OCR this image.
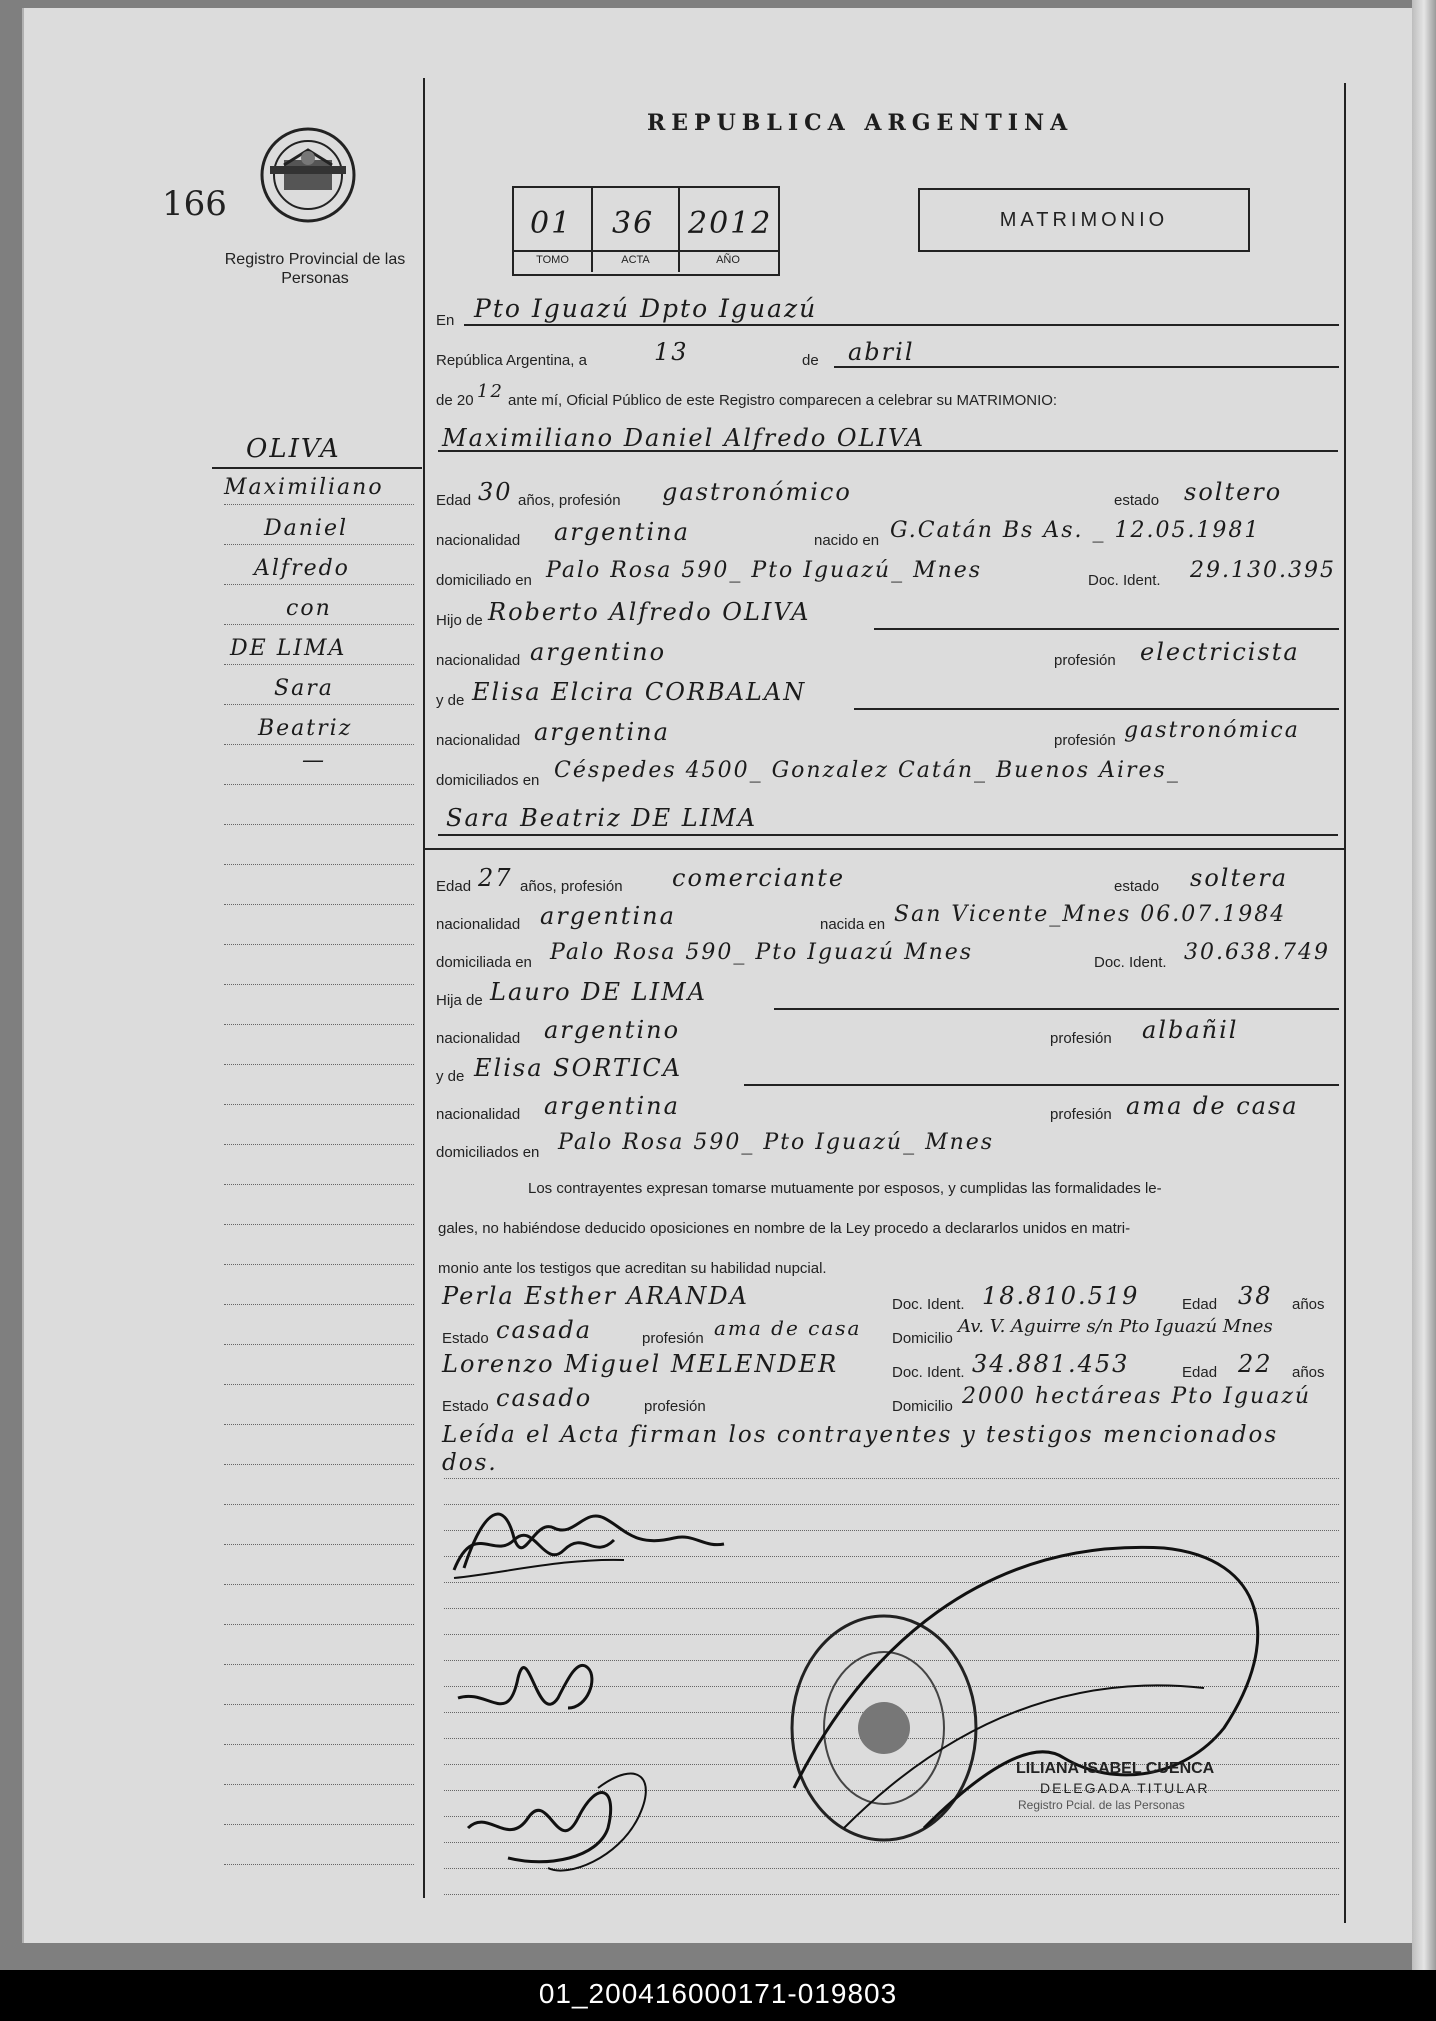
REPUBLICA ARGENTINA
166
Registro Provincial de las Personas
01 36 2012
TOMO	ACTA	AÑO
MATRIMONIO
OLIVA
Maximiliano
Daniel
Alfredo
con
DE LIMA
Sara
Beatriz
—
En Pto Iguazú Dpto Iguazú
República Argentina, a	13	de abril
de 20 12 ante mí, Oficial Público de este Registro comparecen a celebrar su MATRIMONIO:
Maximiliano Daniel Alfredo OLIVA
Edad 30 años, profesión gastronómico	estado soltero
nacionalidad argentina	nacido en G.Catán Bs As. _ 12.05.1981
domiciliado en Palo Rosa 590_ Pto Iguazú_ Mnes	Doc. Ident. 29.130.395
Hijo de Roberto Alfredo OLIVA
nacionalidad argentino	profesión electricista
y de Elisa Elcira CORBALAN
nacionalidad argentina	profesión gastronómica
domiciliados en Céspedes 4500_ Gonzalez Catán_ Buenos Aires_
Sara Beatriz DE LIMA
Edad 27 años, profesión comerciante	estado soltera
nacionalidad argentina	nacida en San Vicente_Mnes 06.07.1984
domiciliada en Palo Rosa 590_ Pto Iguazú Mnes	Doc. Ident. 30.638.749
Hija de Lauro DE LIMA
nacionalidad argentino	profesión albañil
y de Elisa SORTICA
nacionalidad argentina	profesión ama de casa
domiciliados en Palo Rosa 590_ Pto Iguazú_ Mnes
Los contrayentes expresan tomarse mutuamente por esposos, y cumplidas las formalidades le-
gales, no habiéndose deducido oposiciones en nombre de la Ley procedo a declararlos unidos en matri-
monio ante los testigos que acreditan su habilidad nupcial.
Perla Esther ARANDA	Doc. Ident. 18.810.519	Edad 38 años
Estado casada	profesión ama de casa Domicilio
Av. V. Aguirre s/n Pto Iguazú Mnes
Lorenzo Miguel MELENDER	Doc. Ident. 34.881.453	Edad 22 años
Estado casado	profesión	Domicilio 2000 hectáreas Pto Iguazú
Leída el Acta firman los contrayentes y testigos mencionados
dos.
LILIANA ISABEL CUENCA
DELEGADA TITULAR
Registro Pcial. de las Personas
01_200416000171-019803
